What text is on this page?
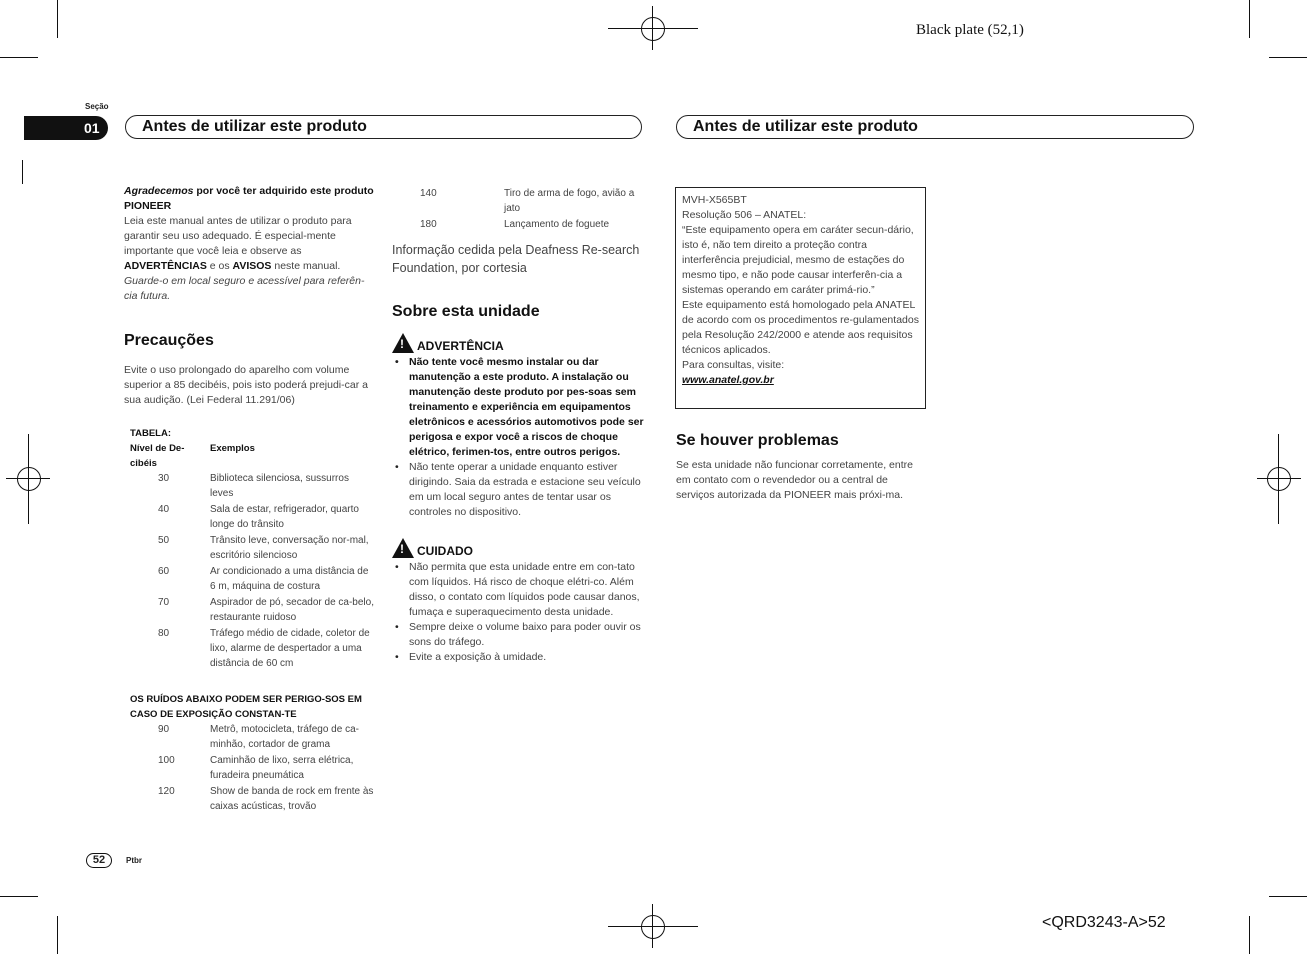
Black plate (52,1)
<QRD3243-A>52
Seção
01	Antes de utilizar este produto	Antes de utilizar este produto
Agradecemos por você ter adquirido este produto PIONEER
Leia este manual antes de utilizar o produto para garantir seu uso adequado. É especial-mente importante que você leia e observe as ADVERTÊNCIAS e os AVISOS neste manual.
Guarde-o em local seguro e acessível para referên-cia futura.
Precauções
Evite o uso prolongado do aparelho com volume superior a 85 decibéis, pois isto poderá prejudi-car a sua audição. (Lei Federal 11.291/06)
TABELA:
Nível de De-cibéis	Exemplos
30	Biblioteca silenciosa, sussurros leves
40	Sala de estar, refrigerador, quarto longe do trânsito
50	Trânsito leve, conversação nor-mal, escritório silencioso
60	Ar condicionado a uma distância de 6 m, máquina de costura
70	Aspirador de pó, secador de ca-belo, restaurante ruidoso
80	Tráfego médio de cidade, coletor de lixo, alarme de despertador a uma distância de 60 cm
OS RUÍDOS ABAIXO PODEM SER PERIGO-SOS EM CASO DE EXPOSIÇÃO CONSTAN-TE
90	Metrô, motocicleta, tráfego de ca-minhão, cortador de grama
100	Caminhão de lixo, serra elétrica, furadeira pneumática
120	Show de banda de rock em frente às caixas acústicas, trovão
140	Tiro de arma de fogo, avião a jato
180	Lançamento de foguete
Informação cedida pela Deafness Re-search Foundation, por cortesia
Sobre esta unidade
! ADVERTÊNCIA
• Não tente você mesmo instalar ou dar manutenção a este produto. A instalação ou manutenção deste produto por pes-soas sem treinamento e experiência em equipamentos eletrônicos e acessórios automotivos pode ser perigosa e expor você a riscos de choque elétrico, ferimen-tos, entre outros perigos.
• Não tente operar a unidade enquanto estiver dirigindo. Saia da estrada e estacione seu veículo em um local seguro antes de tentar usar os controles no dispositivo.
! CUIDADO
• Não permita que esta unidade entre em con-tato com líquidos. Há risco de choque elétri-co. Além disso, o contato com líquidos pode causar danos, fumaça e superaquecimento desta unidade.
• Sempre deixe o volume baixo para poder ouvir os sons do tráfego.
• Evite a exposição à umidade.
MVH-X565BT
Resolução 506 – ANATEL:
“Este equipamento opera em caráter secun-dário, isto é, não tem direito a proteção contra interferência prejudicial, mesmo de estações do mesmo tipo, e não pode causar interferên-cia a sistemas operando em caráter primá-rio.”
Este equipamento está homologado pela ANATEL de acordo com os procedimentos re-gulamentados pela Resolução 242/2000 e atende aos requisitos técnicos aplicados.
Para consultas, visite:
www.anatel.gov.br
Se houver problemas
Se esta unidade não funcionar corretamente, entre em contato com o revendedor ou a central de serviços autorizada da PIONEER mais próxi-ma.
52	Ptbr
